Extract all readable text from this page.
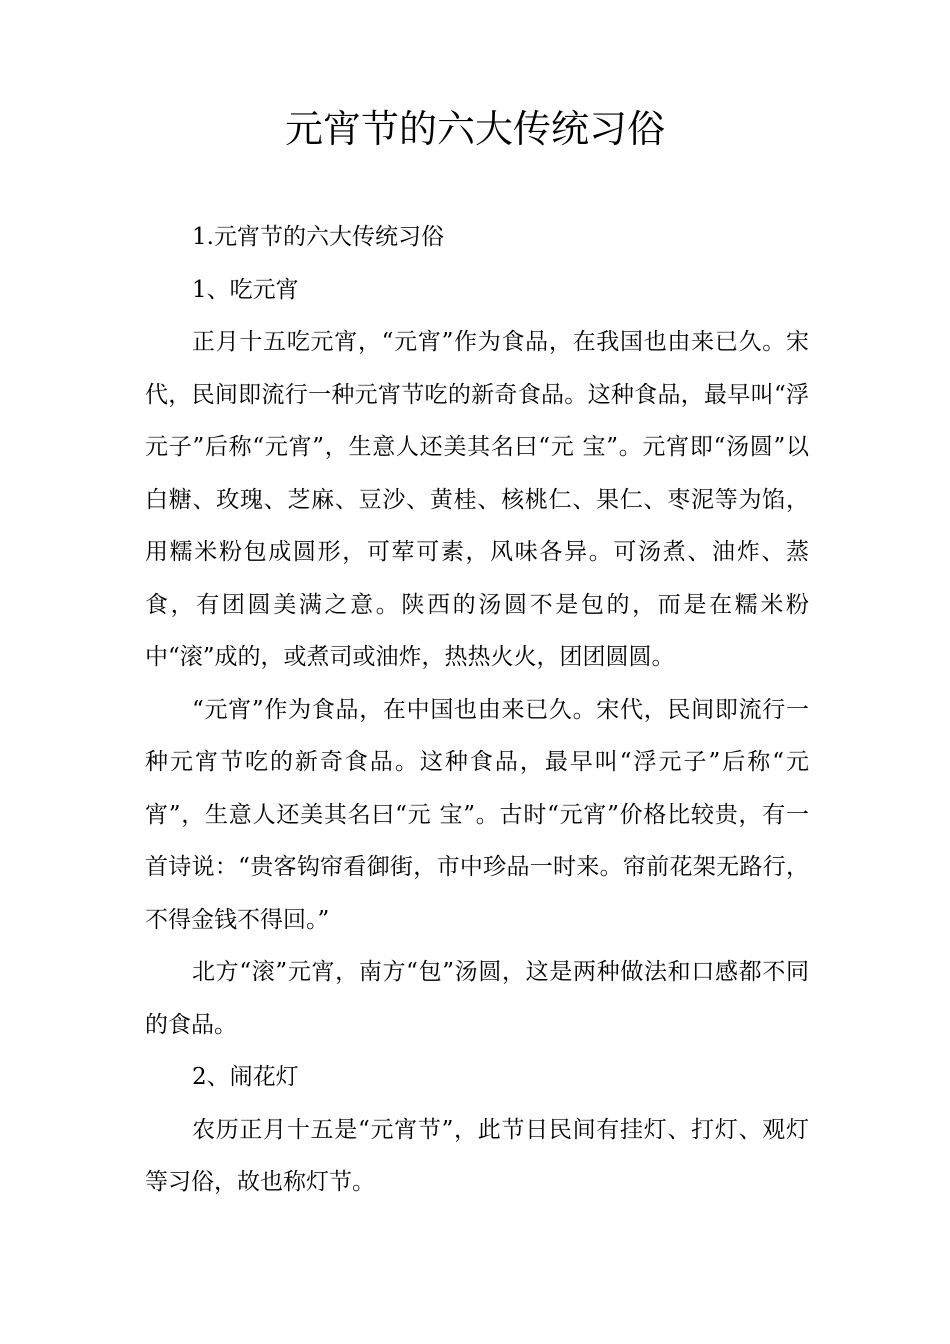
元宵节的六大传统习俗

1.元宵节的六大传统习俗

1、吃元宵

正月十五吃元宵，“元宵”作为食品，在我国也由来已久。宋代，民间即流行一种元宵节吃的新奇食品。这种食品，最早叫“浮元子”后称“元宵”，生意人还美其名曰“元 宝”。元宵即“汤圆”以白糖、玫瑰、芝麻、豆沙、黄桂、核桃仁、果仁、枣泥等为馅，用糯米粉包成圆形，可荤可素，风味各异。可汤煮、油炸、蒸食，有团圆美满之意。陕西的汤圆不是包的，而是在糯米粉中“滚”成的，或煮司或油炸，热热火火，团团圆圆。

“元宵”作为食品，在中国也由来已久。宋代，民间即流行一种元宵节吃的新奇食品。这种食品，最早叫“浮元子”后称“元宵”，生意人还美其名曰“元 宝”。古时“元宵”价格比较贵，有一首诗说：“贵客钩帘看御街，市中珍品一时来。帘前花架无路行，不得金钱不得回。”

北方“滚”元宵，南方“包”汤圆，这是两种做法和口感都不同的食品。

2、闹花灯

农历正月十五是“元宵节”，此节日民间有挂灯、打灯、观灯等习俗，故也称灯节。
